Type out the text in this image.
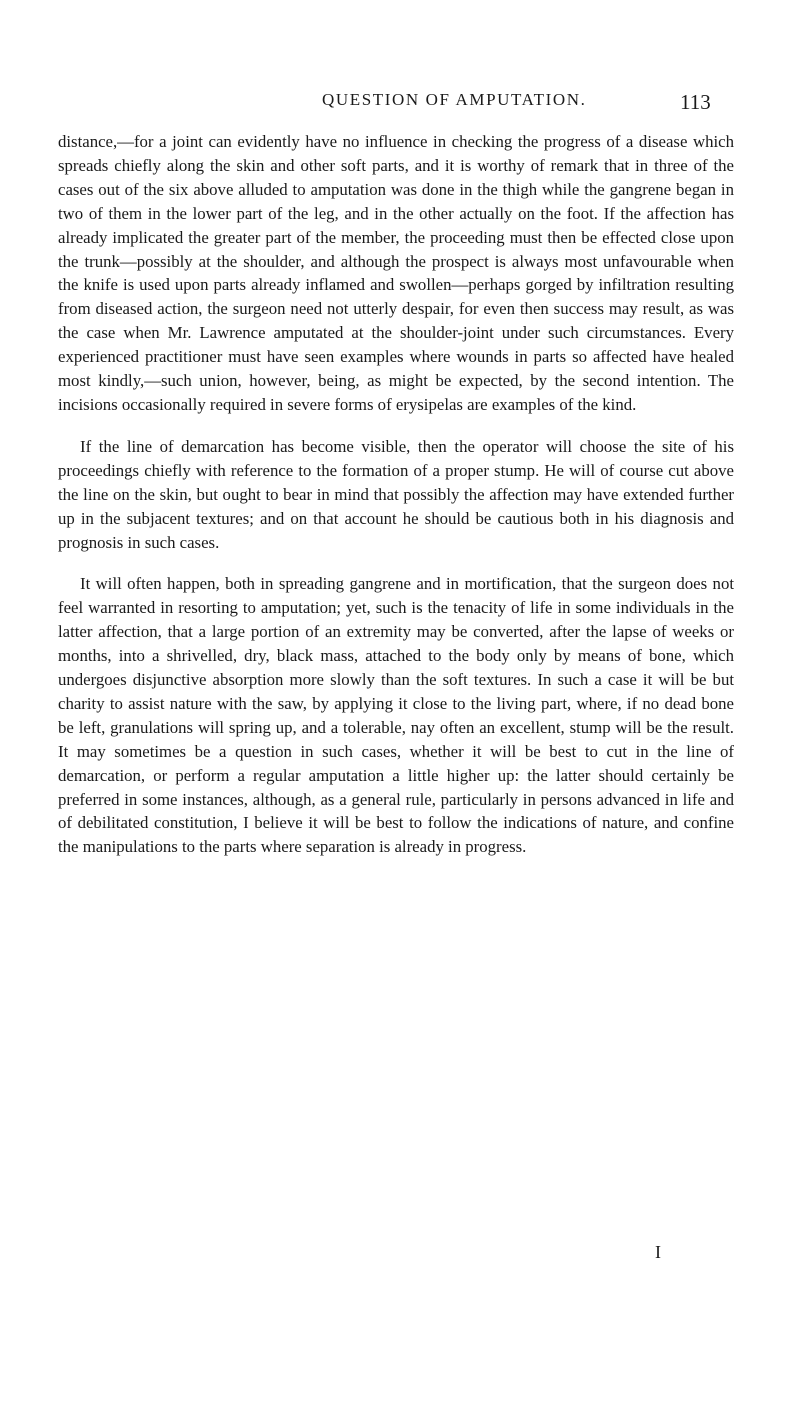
QUESTION OF AMPUTATION.	113

distance,—for a joint can evidently have no influence in checking the progress of a disease which spreads chiefly along the skin and other soft parts, and it is worthy of remark that in three of the cases out of the six above alluded to amputation was done in the thigh while the gangrene began in two of them in the lower part of the leg, and in the other actually on the foot. If the affection has already implicated the greater part of the member, the proceeding must then be effected close upon the trunk—possibly at the shoulder, and although the prospect is always most unfavourable when the knife is used upon parts already inflamed and swollen—perhaps gorged by infiltration resulting from diseased action, the surgeon need not utterly despair, for even then success may result, as was the case when Mr. Lawrence amputated at the shoulder-joint under such circumstances. Every experienced practitioner must have seen examples where wounds in parts so affected have healed most kindly,—such union, however, being, as might be expected, by the second intention. The incisions occasionally required in severe forms of erysipelas are examples of the kind.

If the line of demarcation has become visible, then the operator will choose the site of his proceedings chiefly with reference to the formation of a proper stump. He will of course cut above the line on the skin, but ought to bear in mind that possibly the affection may have extended further up in the subjacent textures; and on that account he should be cautious both in his diagnosis and prognosis in such cases.

It will often happen, both in spreading gangrene and in mortification, that the surgeon does not feel warranted in resorting to amputation; yet, such is the tenacity of life in some individuals in the latter affection, that a large portion of an extremity may be converted, after the lapse of weeks or months, into a shrivelled, dry, black mass, attached to the body only by means of bone, which undergoes disjunctive absorption more slowly than the soft textures. In such a case it will be but charity to assist nature with the saw, by applying it close to the living part, where, if no dead bone be left, granulations will spring up, and a tolerable, nay often an excellent, stump will be the result. It may sometimes be a question in such cases, whether it will be best to cut in the line of demarcation, or perform a regular amputation a little higher up: the latter should certainly be preferred in some instances, although, as a general rule, particularly in persons advanced in life and of debilitated constitution, I believe it will be best to follow the indications of nature, and confine the manipulations to the parts where separation is already in progress.

I
